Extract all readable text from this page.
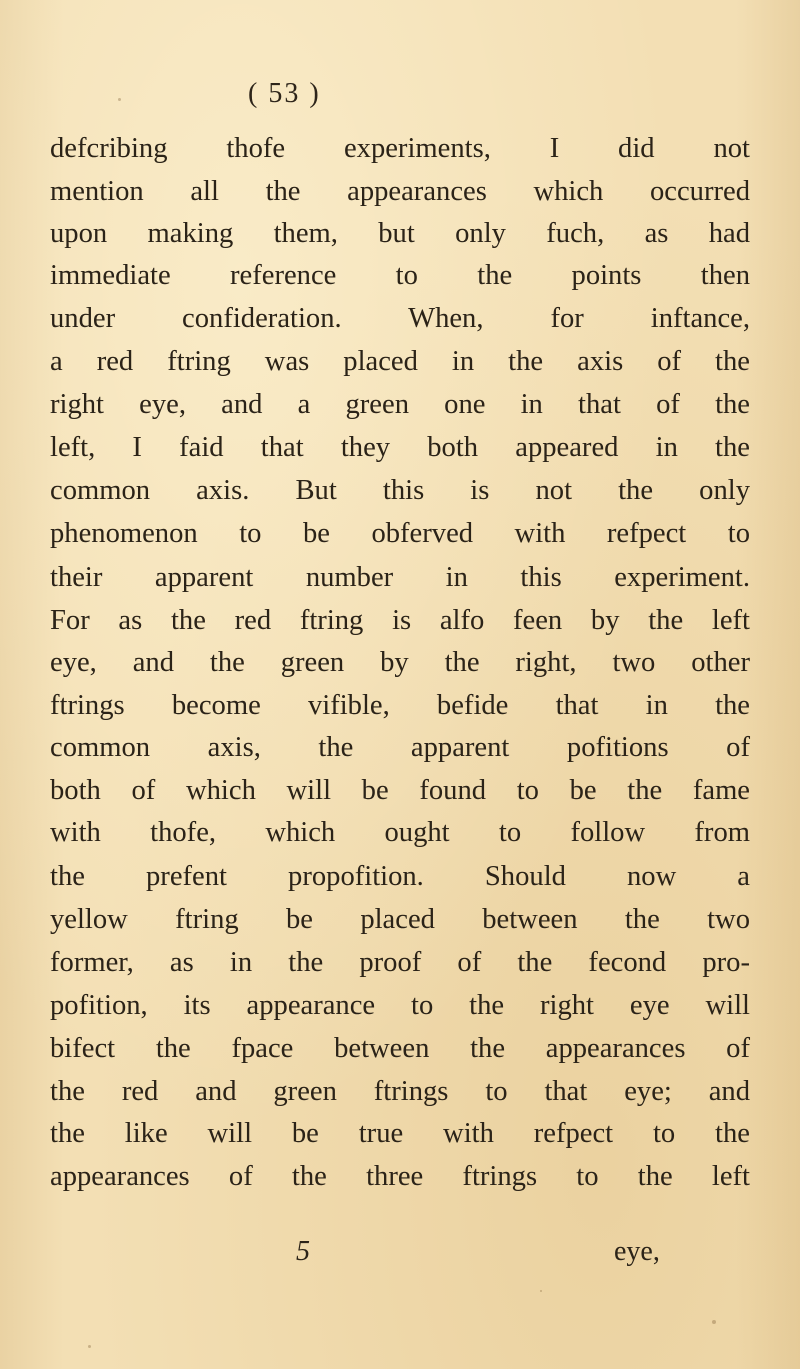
( 53 )
defcribing thofe experiments, I did not
mention all the appearances which occurred
upon making them, but only fuch, as had
immediate reference to the points then
under confideration. When, for inftance,
a red ftring was placed in the axis of the
right eye, and a green one in that of the
left, I faid that they both appeared in the
common axis. But this is not the only
phenomenon to be obferved with refpect to
their apparent number in this experiment.
For as the red ftring is alfo feen by the left
eye, and the green by the right, two other
ftrings become vifible, befide that in the
common axis, the apparent pofitions of
both of which will be found to be the fame
with thofe, which ought to follow from
the prefent propofition. Should now a
yellow ftring be placed between the two
former, as in the proof of the fecond pro-
pofition, its appearance to the right eye will
bifect the fpace between the appearances of
the red and green ftrings to that eye; and
the like will be true with refpect to the
appearances of the three ftrings to the left
5	eye,
